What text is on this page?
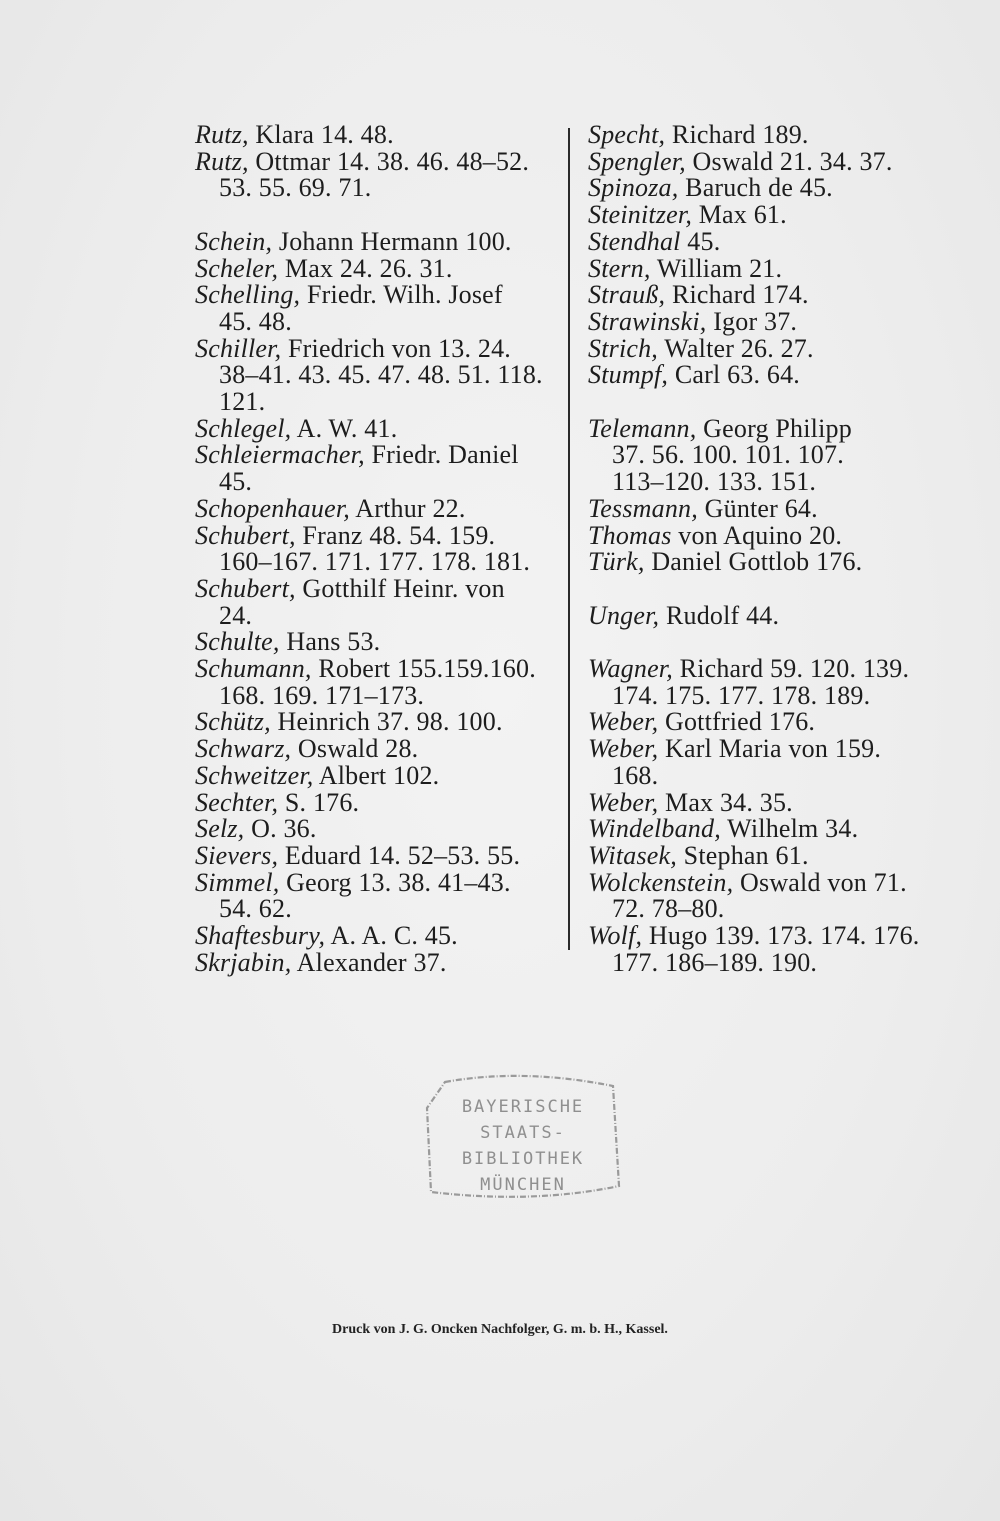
Rutz, Klara 14. 48.
Rutz, Ottmar 14. 38. 46. 48–52.
53. 55. 69. 71.
Schein, Johann Hermann 100.
Scheler, Max 24. 26. 31.
Schelling, Friedr. Wilh. Josef
45. 48.
Schiller, Friedrich von 13. 24.
38–41. 43. 45. 47. 48. 51. 118.
121.
Schlegel, A. W. 41.
Schleiermacher, Friedr. Daniel
45.
Schopenhauer, Arthur 22.
Schubert, Franz 48. 54. 159.
160–167. 171. 177. 178. 181.
Schubert, Gotthilf Heinr. von
24.
Schulte, Hans 53.
Schumann, Robert 155.159.160.
168. 169. 171–173.
Schütz, Heinrich 37. 98. 100.
Schwarz, Oswald 28.
Schweitzer, Albert 102.
Sechter, S. 176.
Selz, O. 36.
Sievers, Eduard 14. 52–53. 55.
Simmel, Georg 13. 38. 41–43.
54. 62.
Shaftesbury, A. A. C. 45.
Skrjabin, Alexander 37.
Specht, Richard 189.
Spengler, Oswald 21. 34. 37.
Spinoza, Baruch de 45.
Steinitzer, Max 61.
Stendhal 45.
Stern, William 21.
Strauß, Richard 174.
Strawinski, Igor 37.
Strich, Walter 26. 27.
Stumpf, Carl 63. 64.
Telemann, Georg Philipp
37. 56. 100. 101. 107.
113–120. 133. 151.
Tessmann, Günter 64.
Thomas von Aquino 20.
Türk, Daniel Gottlob 176.
Unger, Rudolf 44.
Wagner, Richard 59. 120. 139.
174. 175. 177. 178. 189.
Weber, Gottfried 176.
Weber, Karl Maria von 159.
168.
Weber, Max 34. 35.
Windelband, Wilhelm 34.
Witasek, Stephan 61.
Wolckenstein, Oswald von 71.
72. 78–80.
Wolf, Hugo 139. 173. 174. 176.
177. 186–189. 190.
BAYERISCHE
STAATS-
BIBLIOTHEK
MÜNCHEN
Druck von J. G. Oncken Nachfolger, G. m. b. H., Kassel.
